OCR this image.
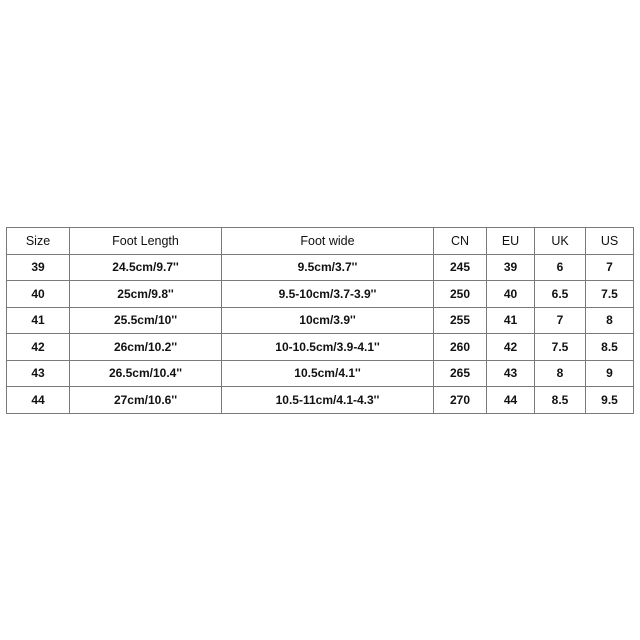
Size	Foot Length	Foot wide	CN	EU	UK	US
39	24.5cm/9.7''	9.5cm/3.7''	245	39	6	7
40	25cm/9.8''	9.5-10cm/3.7-3.9''	250	40	6.5	7.5
41	25.5cm/10''	10cm/3.9''	255	41	7	8
42	26cm/10.2''	10-10.5cm/3.9-4.1''	260	42	7.5	8.5
43	26.5cm/10.4''	10.5cm/4.1''	265	43	8	9
44	27cm/10.6''	10.5-11cm/4.1-4.3''	270	44	8.5	9.5
